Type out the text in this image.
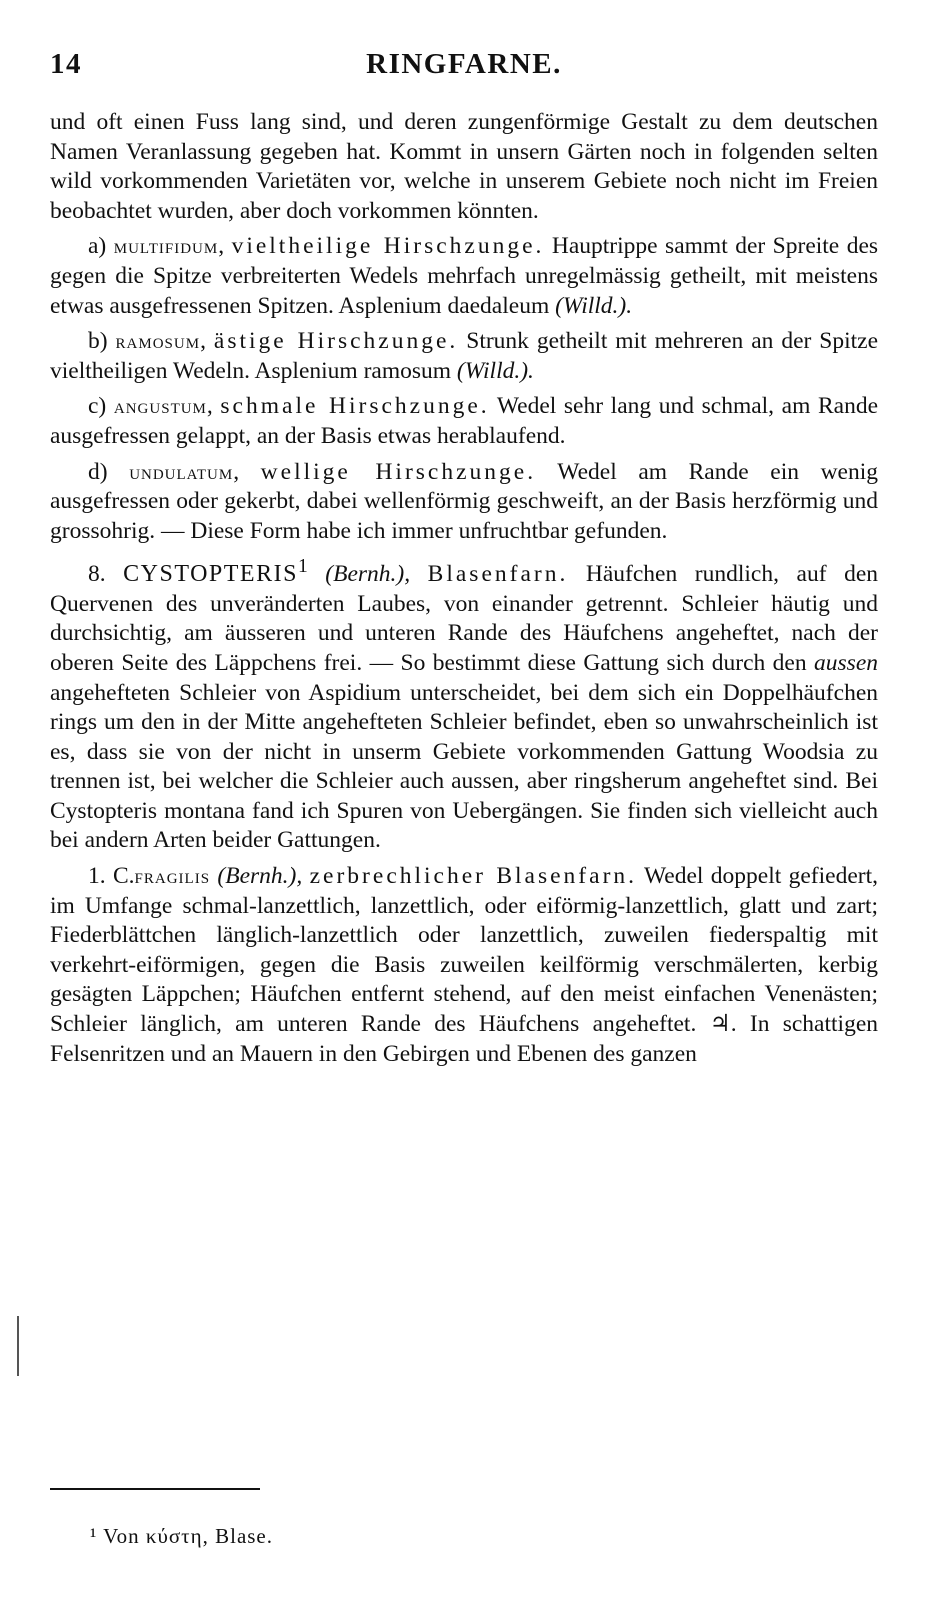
14	RINGFARNE.

und oft einen Fuss lang sind, und deren zungenförmige Gestalt zu dem deutschen Namen Veranlassung gegeben hat. Kommt in unsern Gärten noch in folgenden selten wild vorkommenden Varietäten vor, welche in unserem Gebiete noch nicht im Freien beobachtet wurden, aber doch vorkommen könnten.

a) multifidum, vieltheilige Hirschzunge. Hauptrippe sammt der Spreite des gegen die Spitze verbreiterten Wedels mehrfach unregelmässig getheilt, mit meistens etwas ausgefressenen Spitzen. Asplenium daedaleum (Willd.).

b) ramosum, ästige Hirschzunge. Strunk getheilt mit mehreren an der Spitze vieltheiligen Wedeln. Asplenium ramosum (Willd.).

c) angustum, schmale Hirschzunge. Wedel sehr lang und schmal, am Rande ausgefressen gelappt, an der Basis etwas herablaufend.

d) undulatum, wellige Hirschzunge. Wedel am Rande ein wenig ausgefressen oder gekerbt, dabei wellenförmig geschweift, an der Basis herzförmig und grossohrig. — Diese Form habe ich immer unfruchtbar gefunden.

8. CYSTOPTERIS$^1$ (Bernh.), Blasenfarn. Häufchen rundlich, auf den Quervenen des unveränderten Laubes, von einander getrennt. Schleier häutig und durchsichtig, am äusseren und unteren Rande des Häufchens angeheftet, nach der oberen Seite des Läppchens frei. — So bestimmt diese Gattung sich durch den aussen angehefteten Schleier von Aspidium unterscheidet, bei dem sich ein Doppelhäufchen rings um den in der Mitte angehefteten Schleier befindet, eben so unwahrscheinlich ist es, dass sie von der nicht in unserm Gebiete vorkommenden Gattung Woodsia zu trennen ist, bei welcher die Schleier auch aussen, aber ringsherum angeheftet sind. Bei Cystopteris montana fand ich Spuren von Uebergängen. Sie finden sich vielleicht auch bei andern Arten beider Gattungen.

1. C.fragilis (Bernh.), zerbrechlicher Blasenfarn. Wedel doppelt gefiedert, im Umfange schmal-lanzettlich, lanzettlich, oder eiförmig-lanzettlich, glatt und zart; Fiederblättchen länglich-lanzettlich oder lanzettlich, zuweilen fiederspaltig mit verkehrt-eiförmigen, gegen die Basis zuweilen keilförmig verschmälerten, kerbig gesägten Läppchen; Häufchen entfernt stehend, auf den meist einfachen Venenästen; Schleier länglich, am unteren Rande des Häufchens angeheftet. ♃. In schattigen Felsenritzen und an Mauern in den Gebirgen und Ebenen des ganzen

¹ Von κύστη, Blase.
